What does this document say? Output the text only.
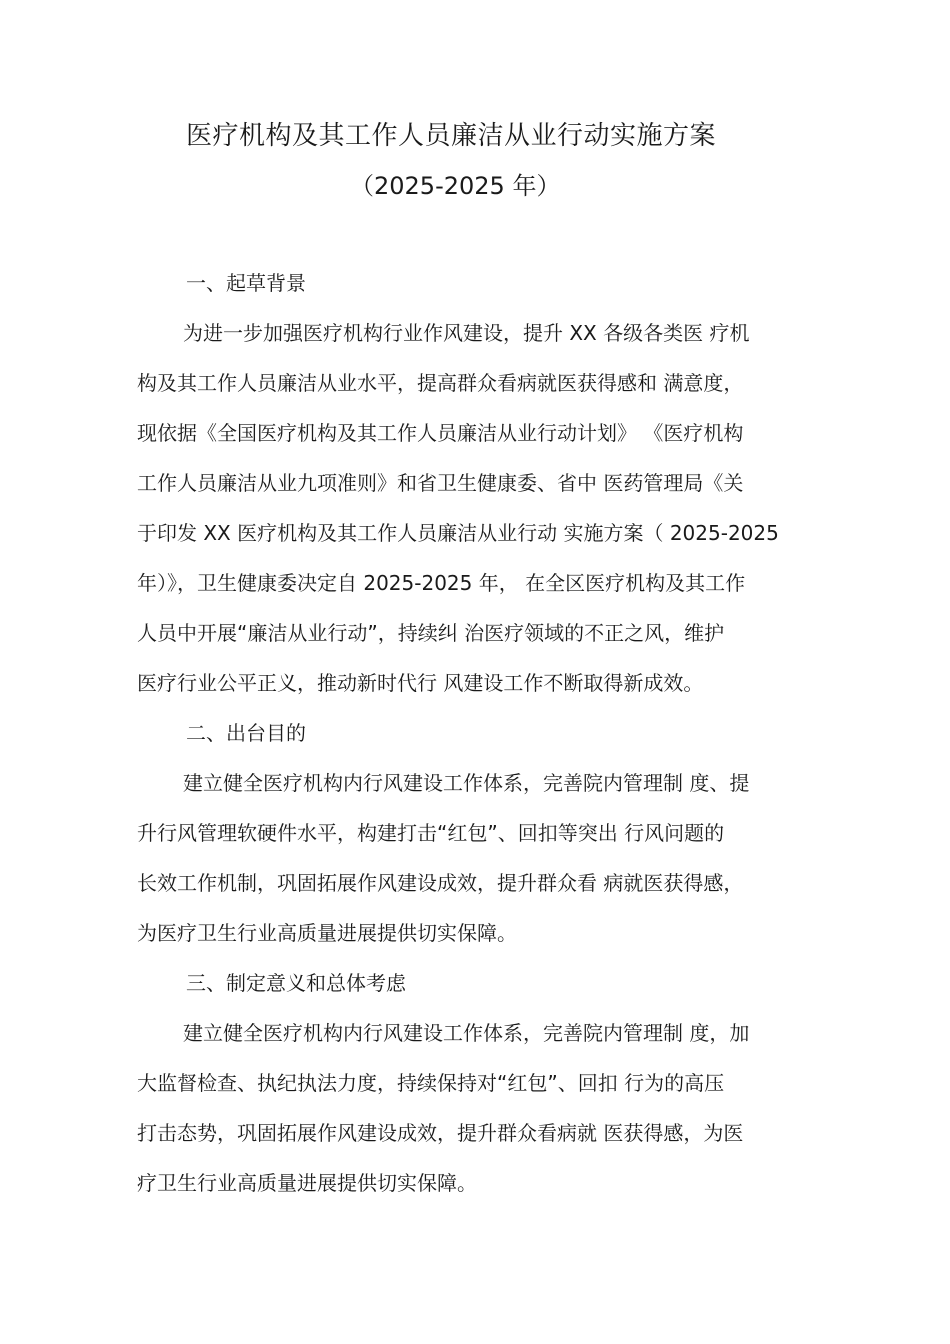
医疗机构及其工作人员廉洁从业行动实施方案
（2025-2025 年）
一、起草背景
为进一步加强医疗机构行业作风建设，提升 XX 各级各类医 疗机
构及其工作人员廉洁从业水平，提高群众看病就医获得感和 满意度，
现依据《全国医疗机构及其工作人员廉洁从业行动计划》 《医疗机构
工作人员廉洁从业九项准则》和省卫生健康委、省中 医药管理局《关
于印发 XX 医疗机构及其工作人员廉洁从业行动 实施方案（ 2025-2025
年）》，卫生健康委决定自 2025-2025 年， 在全区医疗机构及其工作
人员中开展“廉洁从业行动”，持续纠 治医疗领域的不正之风，维护
医疗行业公平正义，推动新时代行 风建设工作不断取得新成效。
二、出台目的
建立健全医疗机构内行风建设工作体系，完善院内管理制 度、提
升行风管理软硬件水平，构建打击“红包”、回扣等突出 行风问题的
长效工作机制，巩固拓展作风建设成效，提升群众看 病就医获得感，
为医疗卫生行业高质量进展提供切实保障。
三、制定意义和总体考虑
建立健全医疗机构内行风建设工作体系，完善院内管理制 度，加
大监督检查、执纪执法力度，持续保持对“红包”、回扣 行为的高压
打击态势，巩固拓展作风建设成效，提升群众看病就 医获得感，为医
疗卫生行业高质量进展提供切实保障。
